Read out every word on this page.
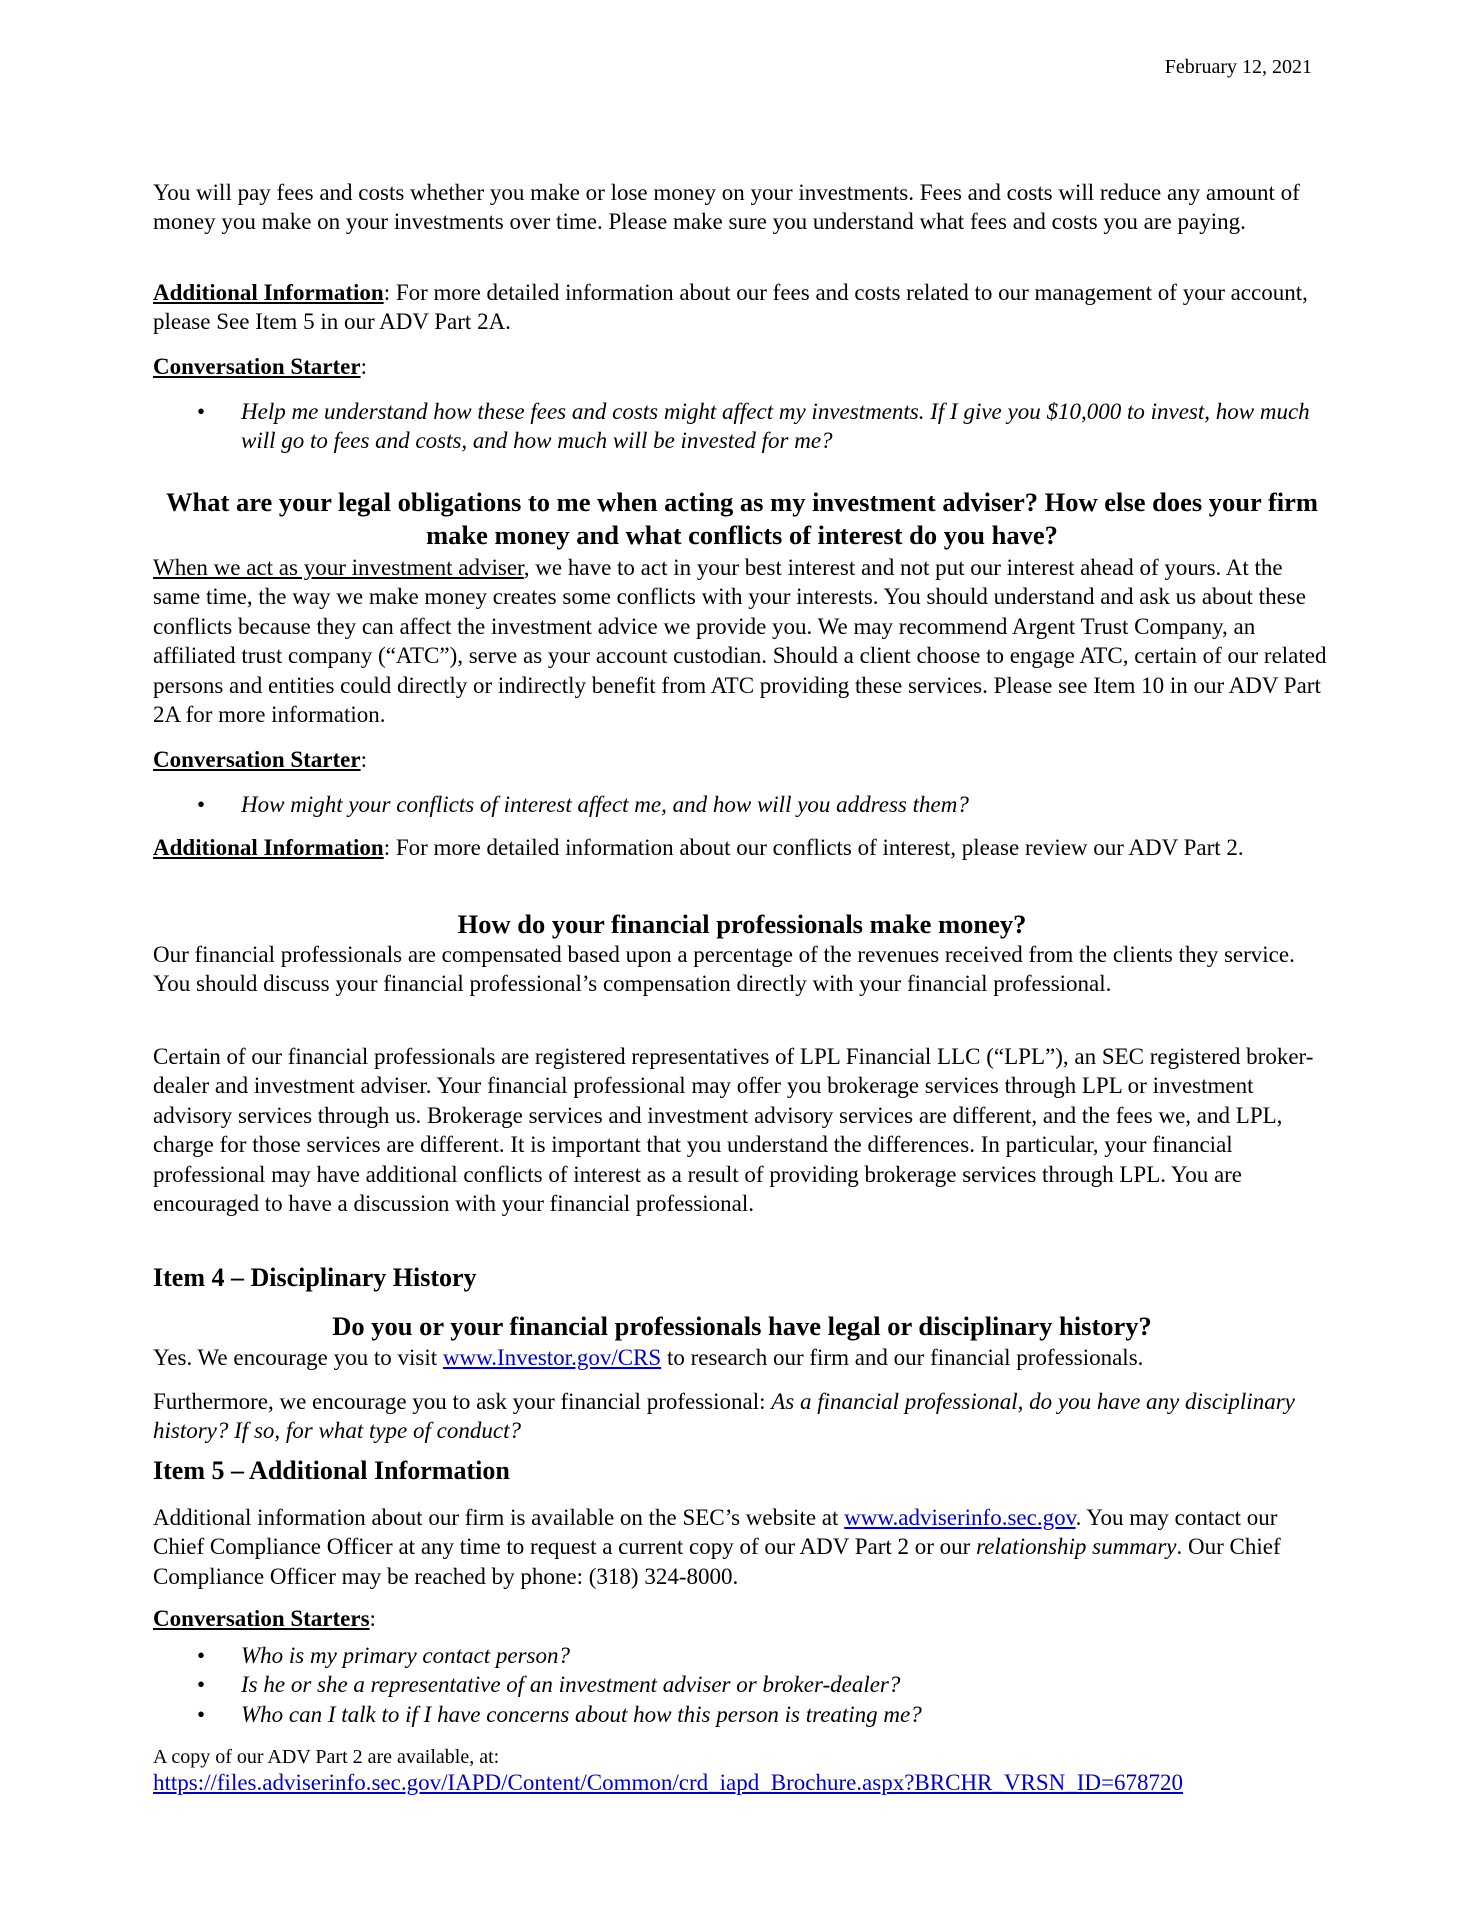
February 12, 2021

You will pay fees and costs whether you make or lose money on your investments. Fees and costs will reduce any amount of money you make on your investments over time. Please make sure you understand what fees and costs you are paying.

Additional Information: For more detailed information about our fees and costs related to our management of your account, please See Item 5 in our ADV Part 2A.

Conversation Starter:

• Help me understand how these fees and costs might affect my investments. If I give you $10,000 to invest, how much will go to fees and costs, and how much will be invested for me?
What are your legal obligations to me when acting as my investment adviser? How else does your firm make money and what conflicts of interest do you have?

When we act as your investment adviser, we have to act in your best interest and not put our interest ahead of yours. At the same time, the way we make money creates some conflicts with your interests. You should understand and ask us about these conflicts because they can affect the investment advice we provide you. We may recommend Argent Trust Company, an affiliated trust company (“ATC”), serve as your account custodian. Should a client choose to engage ATC, certain of our related persons and entities could directly or indirectly benefit from ATC providing these services. Please see Item 10 in our ADV Part 2A for more information.

Conversation Starter:

• How might your conflicts of interest affect me, and how will you address them?

Additional Information: For more detailed information about our conflicts of interest, please review our ADV Part 2.

How do your financial professionals make money?

Our financial professionals are compensated based upon a percentage of the revenues received from the clients they service. You should discuss your financial professional’s compensation directly with your financial professional.

Certain of our financial professionals are registered representatives of LPL Financial LLC (“LPL”), an SEC registered broker-dealer and investment adviser. Your financial professional may offer you brokerage services through LPL or investment advisory services through us. Brokerage services and investment advisory services are different, and the fees we, and LPL, charge for those services are different. It is important that you understand the differences. In particular, your financial professional may have additional conflicts of interest as a result of providing brokerage services through LPL. You are encouraged to have a discussion with your financial professional.

Item 4 – Disciplinary History
Do you or your financial professionals have legal or disciplinary history?

Yes. We encourage you to visit www.Investor.gov/CRS to research our firm and our financial professionals.

Furthermore, we encourage you to ask your financial professional: As a financial professional, do you have any disciplinary history? If so, for what type of conduct?

Item 5 – Additional Information

Additional information about our firm is available on the SEC’s website at www.adviserinfo.sec.gov. You may contact our Chief Compliance Officer at any time to request a current copy of our ADV Part 2 or our relationship summary. Our Chief Compliance Officer may be reached by phone: (318) 324-8000.

Conversation Starters:

• Who is my primary contact person?
• Is he or she a representative of an investment adviser or broker-dealer?
• Who can I talk to if I have concerns about how this person is treating me?

A copy of our ADV Part 2 are available, at:

https://files.adviserinfo.sec.gov/IAPD/Content/Common/crd_iapd_Brochure.aspx?BRCHR_VRSN_ID=678720
